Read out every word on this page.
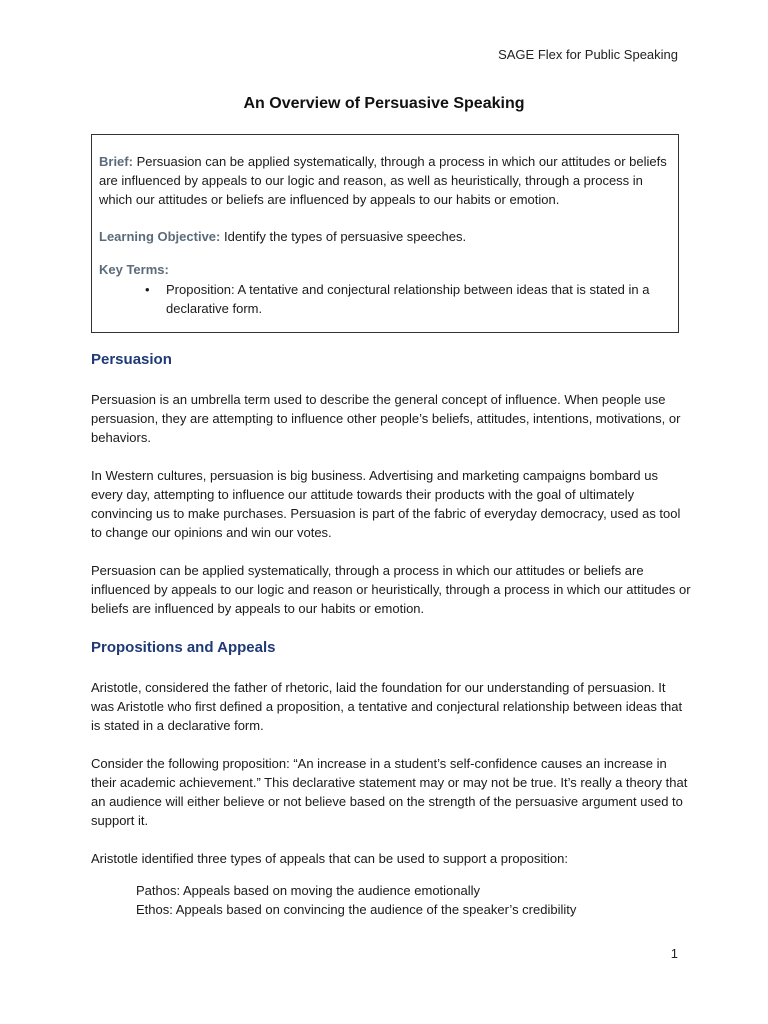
SAGE Flex for Public Speaking
An Overview of Persuasive Speaking

Brief: Persuasion can be applied systematically, through a process in which our attitudes or beliefs are influenced by appeals to our logic and reason, as well as heuristically, through a process in which our attitudes or beliefs are influenced by appeals to our habits or emotion.

Learning Objective: Identify the types of persuasive speeches.

Key Terms:
• Proposition: A tentative and conjectural relationship between ideas that is stated in a declarative form.
Persuasion

Persuasion is an umbrella term used to describe the general concept of influence. When people use persuasion, they are attempting to influence other people’s beliefs, attitudes, intentions, motivations, or behaviors.

In Western cultures, persuasion is big business. Advertising and marketing campaigns bombard us every day, attempting to influence our attitude towards their products with the goal of ultimately convincing us to make purchases. Persuasion is part of the fabric of everyday democracy, used as tool to change our opinions and win our votes.

Persuasion can be applied systematically, through a process in which our attitudes or beliefs are influenced by appeals to our logic and reason or heuristically, through a process in which our attitudes or beliefs are influenced by appeals to our habits or emotion.

Propositions and Appeals

Aristotle, considered the father of rhetoric, laid the foundation for our understanding of persuasion. It was Aristotle who first defined a proposition, a tentative and conjectural relationship between ideas that is stated in a declarative form.

Consider the following proposition: “An increase in a student’s self-confidence causes an increase in their academic achievement.” This declarative statement may or may not be true. It’s really a theory that an audience will either believe or not believe based on the strength of the persuasive argument used to support it.

Aristotle identified three types of appeals that can be used to support a proposition:

Pathos: Appeals based on moving the audience emotionally
Ethos: Appeals based on convincing the audience of the speaker’s credibility
1
